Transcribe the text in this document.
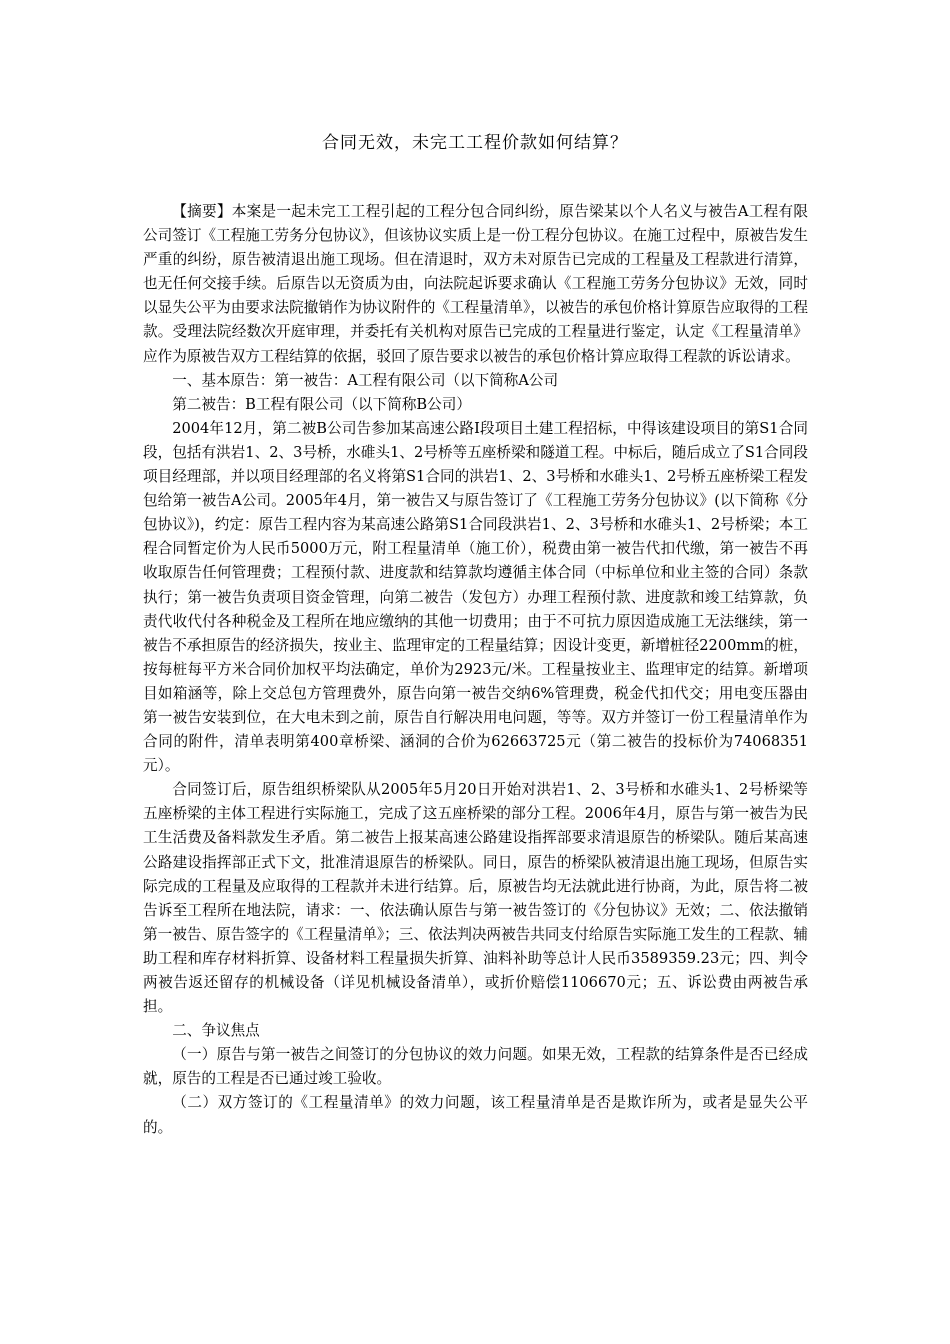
合同无效，未完工工程价款如何结算？

【摘要】本案是一起未完工工程引起的工程分包合同纠纷，原告梁某以个人名义与被告A工程有限公司签订《工程施工劳务分包协议》，但该协议实质上是一份工程分包协议。在施工过程中，原被告发生严重的纠纷，原告被清退出施工现场。但在清退时，双方未对原告已完成的工程量及工程款进行清算，也无任何交接手续。后原告以无资质为由，向法院起诉要求确认《工程施工劳务分包协议》无效，同时以显失公平为由要求法院撤销作为协议附件的《工程量清单》，以被告的承包价格计算原告应取得的工程款。受理法院经数次开庭审理，并委托有关机构对原告已完成的工程量进行鉴定，认定《工程量清单》应作为原被告双方工程结算的依据，驳回了原告要求以被告的承包价格计算应取得工程款的诉讼请求。

一、基本原告：第一被告：A工程有限公司（以下简称A公司

第二被告：B工程有限公司（以下简称B公司）

2004年12月，第二被B公司告参加某高速公路Ⅰ段项目土建工程招标，中得该建设项目的第S1合同段，包括有洪岩1、2、3号桥，水碓头1、2号桥等五座桥梁和隧道工程。中标后，随后成立了S1合同段项目经理部，并以项目经理部的名义将第S1合同的洪岩1、2、3号桥和水碓头1、2号桥五座桥梁工程发包给第一被告A公司。2005年4月，第一被告又与原告签订了《工程施工劳务分包协议》(以下简称《分包协议》)，约定：原告工程内容为某高速公路第S1合同段洪岩1、2、3号桥和水碓头1、2号桥梁；本工程合同暂定价为人民币5000万元，附工程量清单（施工价），税费由第一被告代扣代缴，第一被告不再收取原告任何管理费；工程预付款、进度款和结算款均遵循主体合同（中标单位和业主签的合同）条款执行；第一被告负责项目资金管理，向第二被告（发包方）办理工程预付款、进度款和竣工结算款，负责代收代付各种税金及工程所在地应缴纳的其他一切费用；由于不可抗力原因造成施工无法继续，第一被告不承担原告的经济损失，按业主、监理审定的工程量结算；因设计变更，新增桩径2200mm的桩，按每桩每平方米合同价加权平均法确定，单价为2923元/米。工程量按业主、监理审定的结算。新增项目如箱涵等，除上交总包方管理费外，原告向第一被告交纳6%管理费，税金代扣代交；用电变压器由第一被告安装到位，在大电未到之前，原告自行解决用电问题，等等。双方并签订一份工程量清单作为合同的附件，清单表明第400章桥梁、涵洞的合价为62663725元（第二被告的投标价为74068351元）。

合同签订后，原告组织桥梁队从2005年5月20日开始对洪岩1、2、3号桥和水碓头1、2号桥梁等五座桥梁的主体工程进行实际施工，完成了这五座桥梁的部分工程。2006年4月，原告与第一被告为民工生活费及备料款发生矛盾。第二被告上报某高速公路建设指挥部要求清退原告的桥梁队。随后某高速公路建设指挥部正式下文，批准清退原告的桥梁队。同日，原告的桥梁队被清退出施工现场，但原告实际完成的工程量及应取得的工程款并未进行结算。后，原被告均无法就此进行协商，为此，原告将二被告诉至工程所在地法院，请求：一、依法确认原告与第一被告签订的《分包协议》无效；二、依法撤销第一被告、原告签字的《工程量清单》；三、依法判决两被告共同支付给原告实际施工发生的工程款、辅助工程和库存材料折算、设备材料工程量损失折算、油料补助等总计人民币3589359.23元；四、判令两被告返还留存的机械设备（详见机械设备清单），或折价赔偿1106670元；五、诉讼费由两被告承担。

二、争议焦点

（一）原告与第一被告之间签订的分包协议的效力问题。如果无效，工程款的结算条件是否已经成就，原告的工程是否已通过竣工验收。

（二）双方签订的《工程量清单》的效力问题，该工程量清单是否是欺诈所为，或者是显失公平的。
